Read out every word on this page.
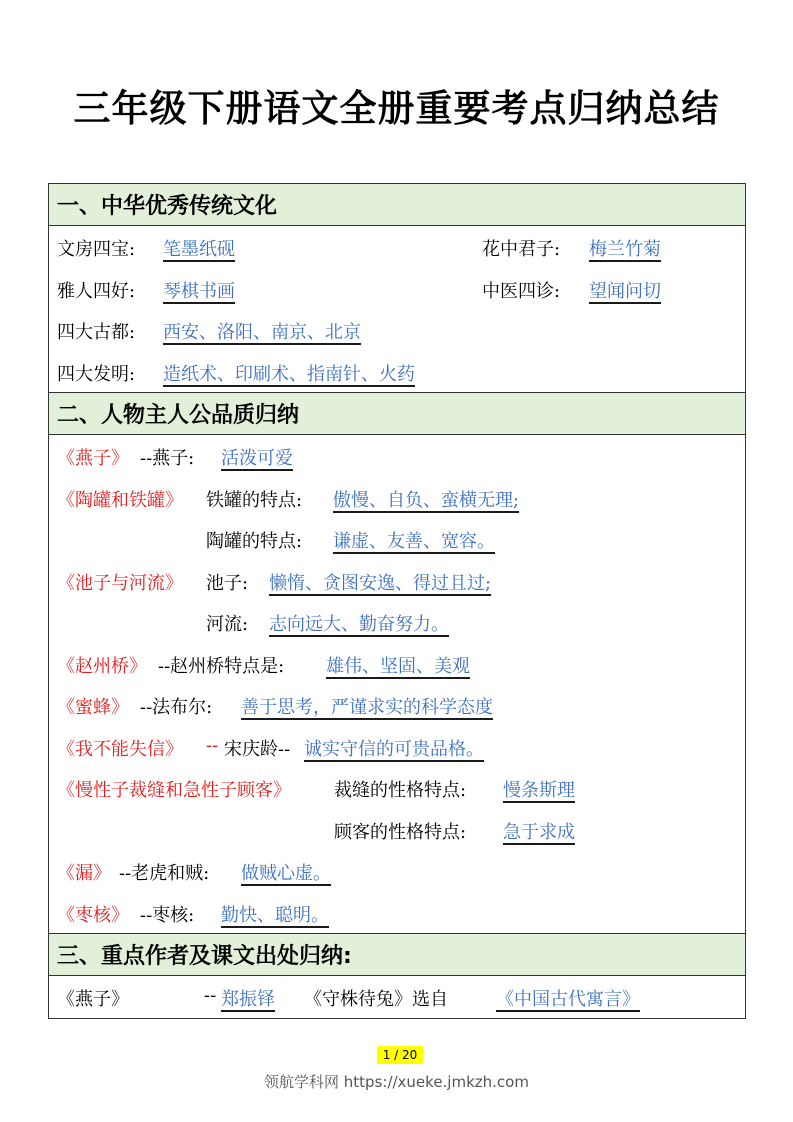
三年级下册语文全册重要考点归纳总结
一、中华优秀传统文化
文房四宝: 笔墨纸砚	花中君子: 梅兰竹菊
雅人四好: 琴棋书画	中医四诊: 望闻问切
四大古都: 西安、洛阳、南京、北京
四大发明: 造纸术、印刷术、指南针、火药
二、人物主人公品质归纳
《燕子》 --燕子: 活泼可爱
《陶罐和铁罐》 铁罐的特点: 傲慢、自负、蛮横无理;
陶罐的特点: 谦虚、友善、宽容。
《池子与河流》 池子: 懒惰、贪图安逸、得过且过;
河流: 志向远大、勤奋努力。
《赵州桥》 --赵州桥特点是: 雄伟、坚固、美观
《蜜蜂》 --法布尔: 善于思考，严谨求实的科学态度
《我不能失信》 -- 宋庆龄-- 诚实守信的可贵品格。
《慢性子裁缝和急性子顾客》 裁缝的性格特点: 慢条斯理
顾客的性格特点: 急于求成
《漏》 --老虎和贼: 做贼心虚。
《枣核》 --枣核: 勤快、聪明。
三、重点作者及课文出处归纳:
《燕子》	-- 郑振铎	《守株待兔》选自	《中国古代寓言》
1 / 20
领航学科网 https://xueke.jmkzh.com
